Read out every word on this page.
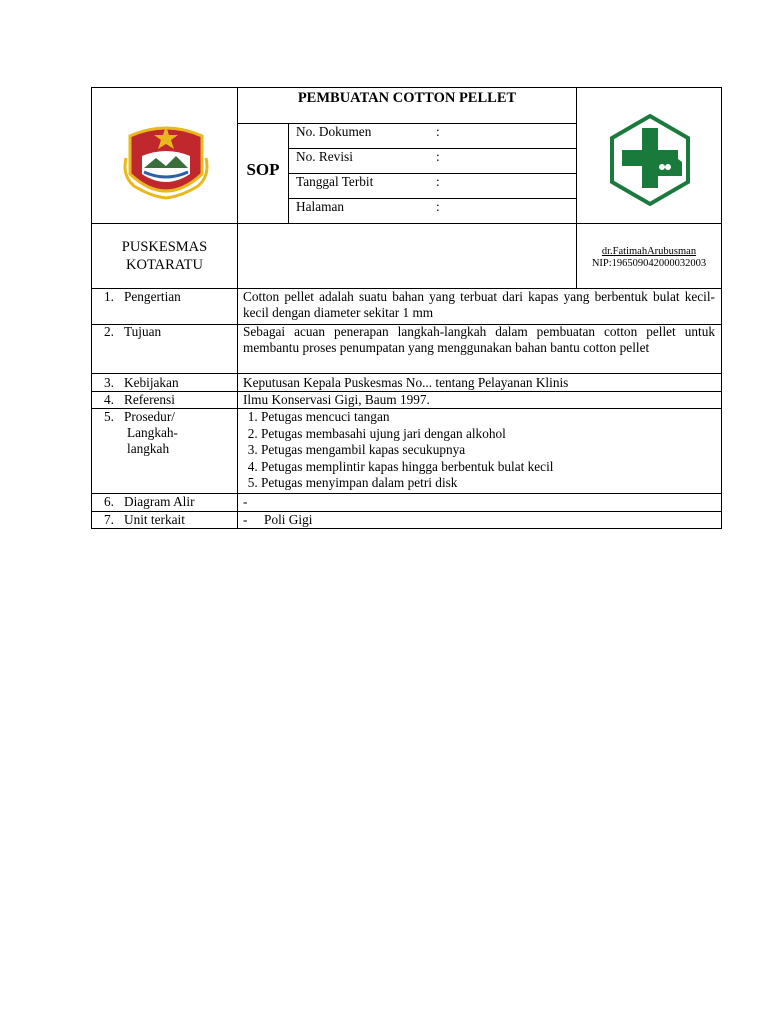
PEMBUATAN COTTON PELLET
SOP
No. Dokumen	:
No. Revisi	:
Tanggal Terbit	:
Halaman	:
PUSKESMAS
KOTARATU
dr.FatimahArubusman
NIP:196509042000032003
1. Pengertian	Cotton pellet adalah suatu bahan yang terbuat dari kapas yang berbentuk bulat kecil-kecil dengan diameter sekitar 1 mm
2. Tujuan	Sebagai acuan penerapan langkah-langkah dalam pembuatan cotton pellet untuk membantu proses penumpatan yang menggunakan bahan bantu cotton pellet
3. Kebijakan	Keputusan Kepala Puskesmas No... tentang Pelayanan Klinis
4. Referensi	Ilmu Konservasi Gigi, Baum 1997.
5. Prosedur/
Langkah-
langkah
1. Petugas mencuci tangan
2. Petugas membasahi ujung jari dengan alkohol
3. Petugas mengambil kapas secukupnya
4. Petugas memplintir kapas hingga berbentuk bulat kecil
5. Petugas menyimpan dalam petri disk
6. Diagram Alir	-
7. Unit terkait	-     Poli Gigi
